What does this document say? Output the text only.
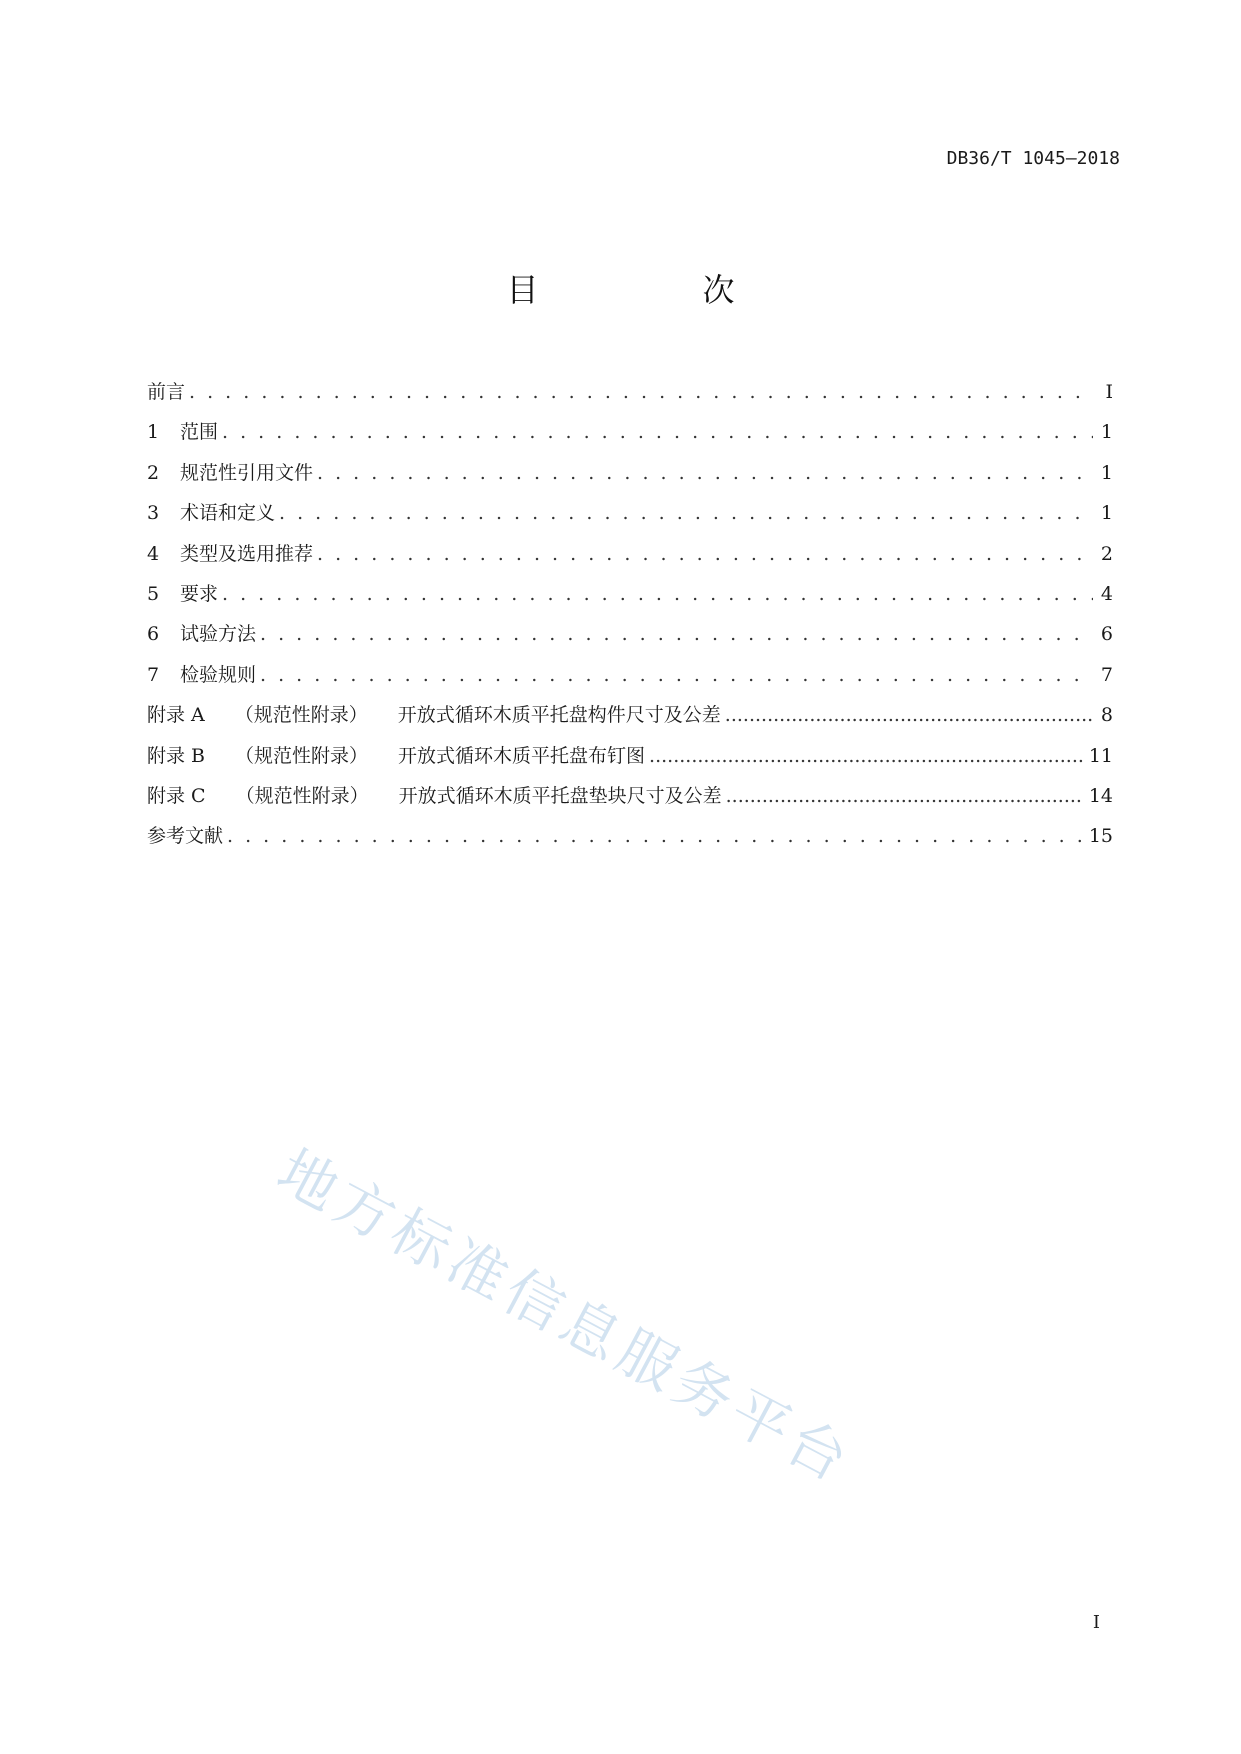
DB36/T 1045—2018
目　次
前言 . . .	I
1	范围 . . .	1
2	规范性引用文件 . . .	1
3	术语和定义 . . .	1
4	类型及选用推荐 . . .	2
5	要求 . . .	4
6	试验方法 . . .	6
7	检验规则 . . .	7
附录 A （规范性附录） 开放式循环木质平托盘构件尺寸及公差 .....	8
附录 B （规范性附录） 开放式循环木质平托盘布钉图 .....	11
附录 C （规范性附录） 开放式循环木质平托盘垫块尺寸及公差 .....	14
参考文献 . . .	15
地方标准信息服务平台
I
